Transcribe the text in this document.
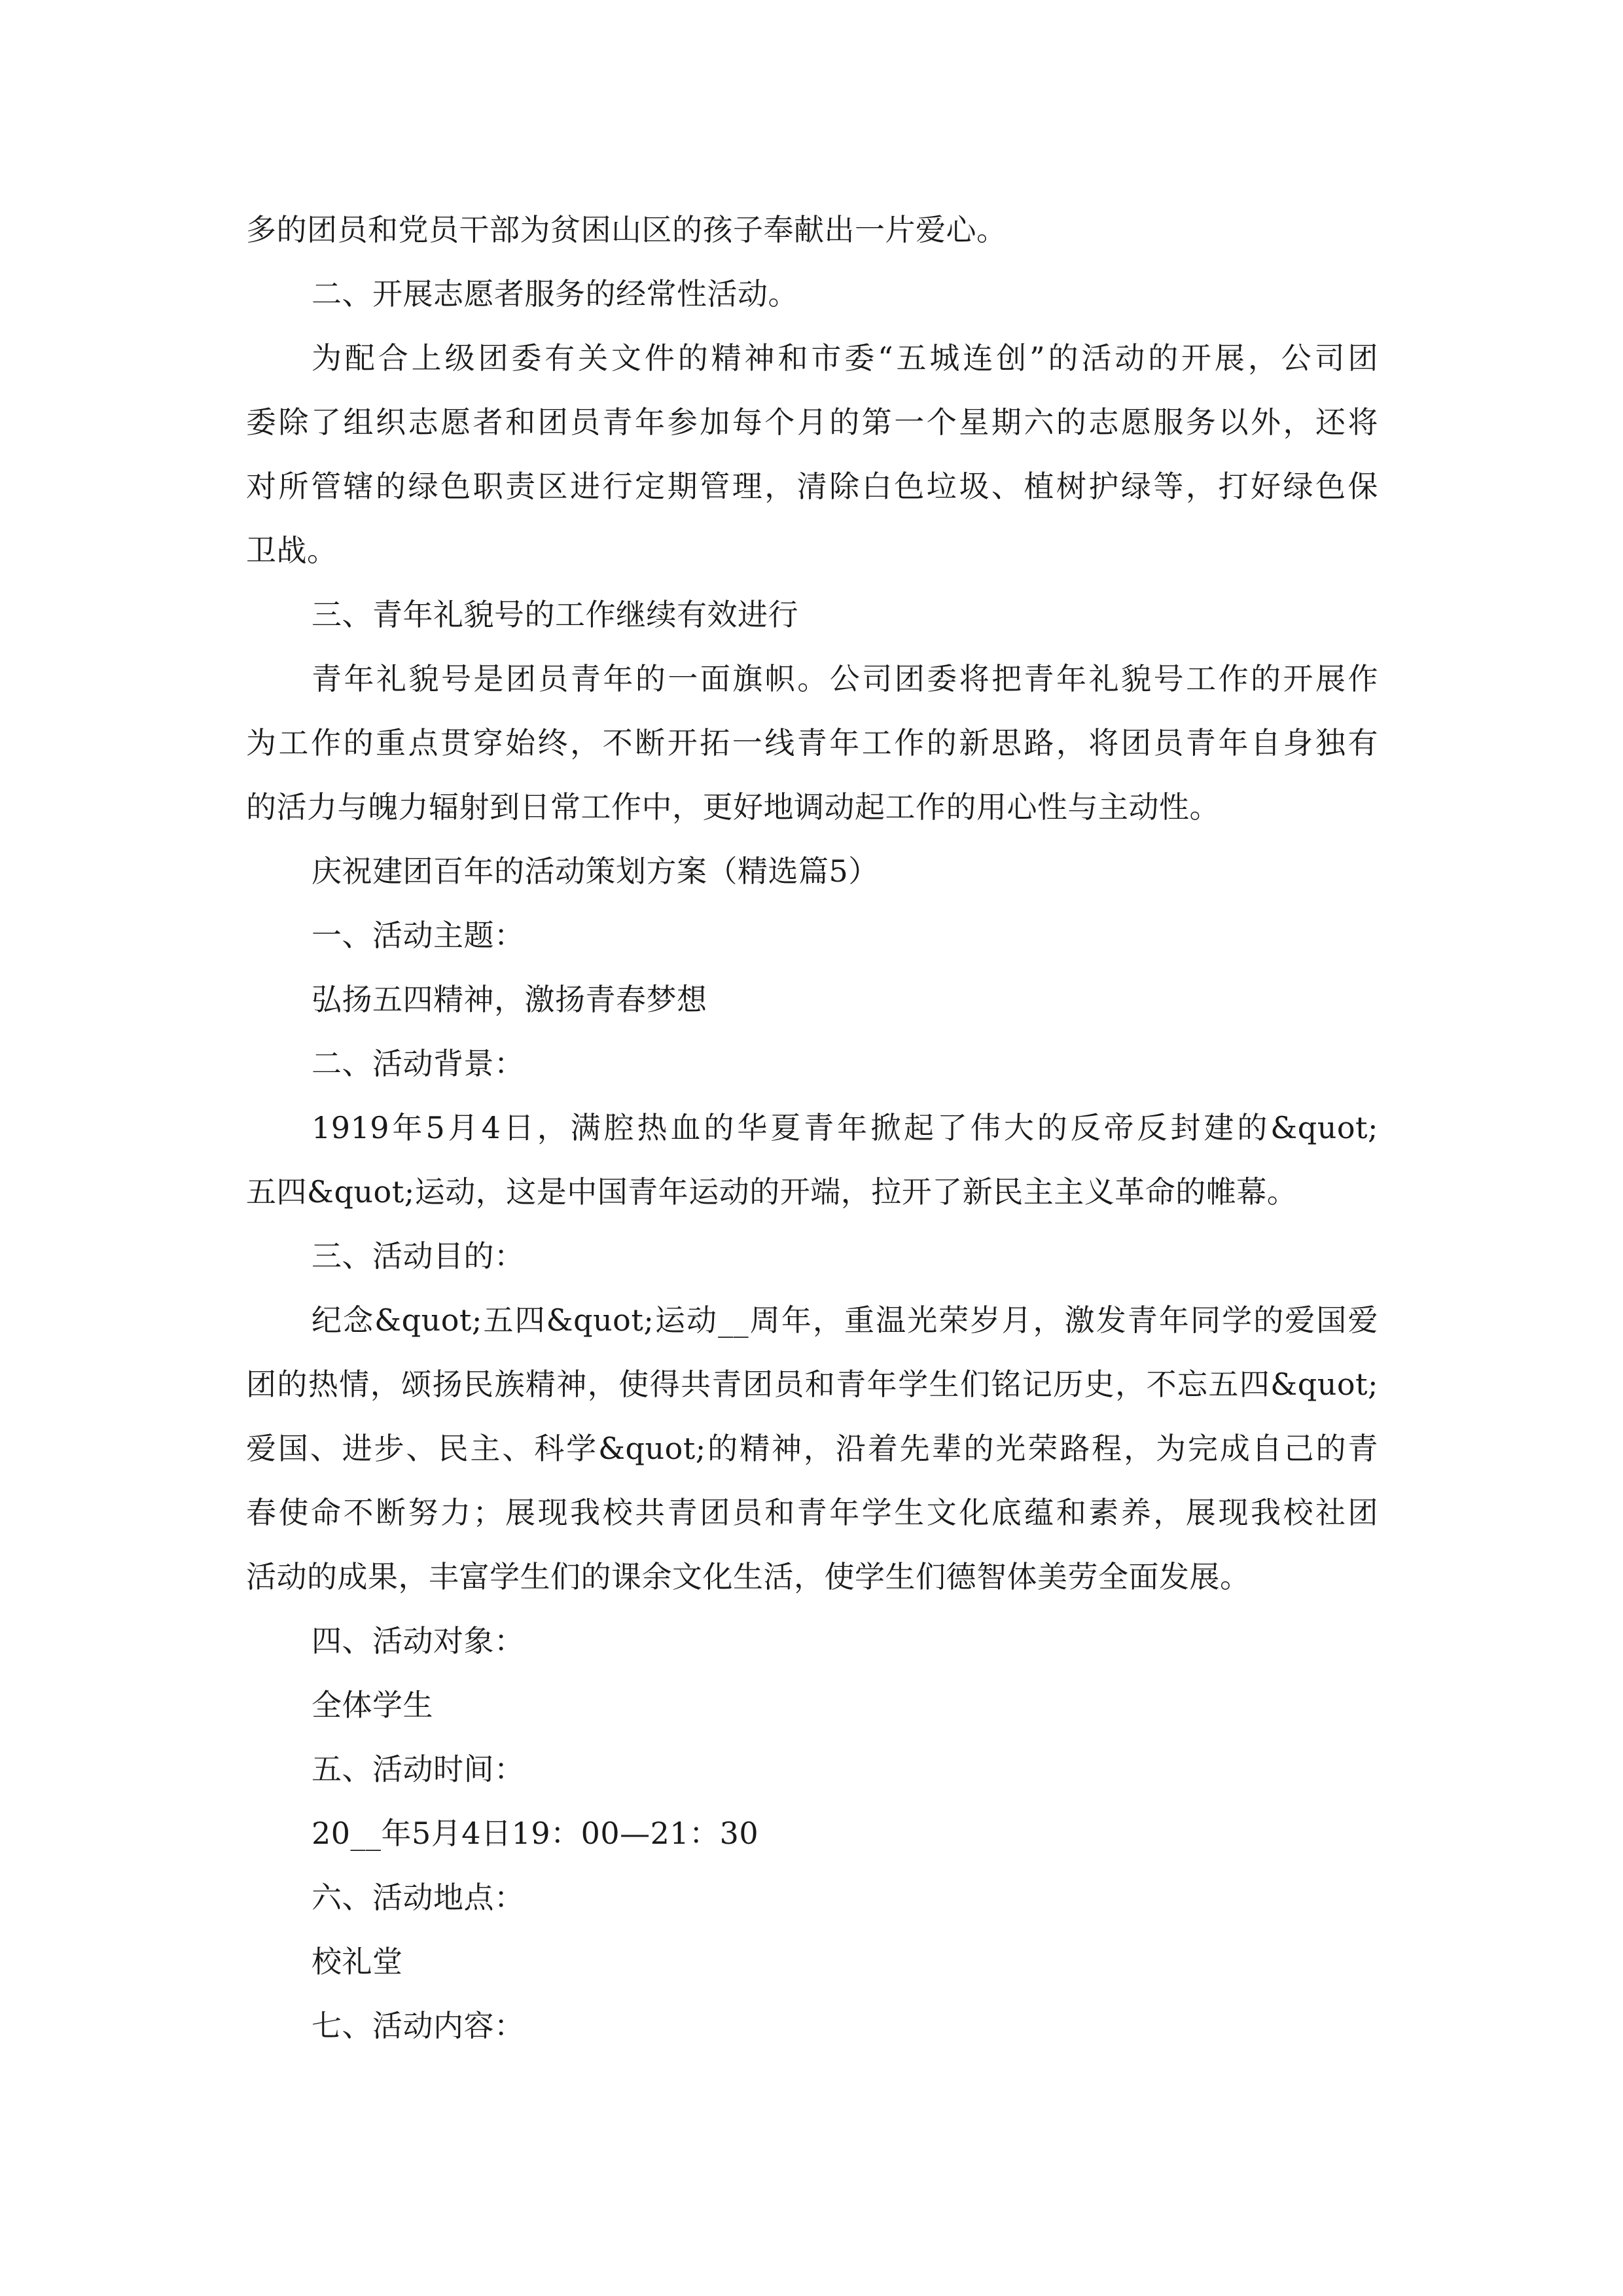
多的团员和党员干部为贫困山区的孩子奉献出一片爱心。
二、开展志愿者服务的经常性活动。
为配合上级团委有关文件的精神和市委“五城连创”的活动的开展，公司团
委除了组织志愿者和团员青年参加每个月的第一个星期六的志愿服务以外，还将
对所管辖的绿色职责区进行定期管理，清除白色垃圾、植树护绿等，打好绿色保
卫战。
三、青年礼貌号的工作继续有效进行
青年礼貌号是团员青年的一面旗帜。公司团委将把青年礼貌号工作的开展作
为工作的重点贯穿始终，不断开拓一线青年工作的新思路，将团员青年自身独有
的活力与魄力辐射到日常工作中，更好地调动起工作的用心性与主动性。
庆祝建团百年的活动策划方案（精选篇5）
一、活动主题：
弘扬五四精神，激扬青春梦想
二、活动背景：
1919年5月4日，满腔热血的华夏青年掀起了伟大的反帝反封建的&quot;
五四&quot;运动，这是中国青年运动的开端，拉开了新民主主义革命的帷幕。
三、活动目的：
纪念&quot;五四&quot;运动__周年，重温光荣岁月，激发青年同学的爱国爱
团的热情，颂扬民族精神，使得共青团员和青年学生们铭记历史，不忘五四&quot;
爱国、进步、民主、科学&quot;的精神，沿着先辈的光荣路程，为完成自己的青
春使命不断努力；展现我校共青团员和青年学生文化底蕴和素养，展现我校社团
活动的成果，丰富学生们的课余文化生活，使学生们德智体美劳全面发展。
四、活动对象：
全体学生
五、活动时间：
20__年5月4日19：00—21：30
六、活动地点：
校礼堂
七、活动内容：
